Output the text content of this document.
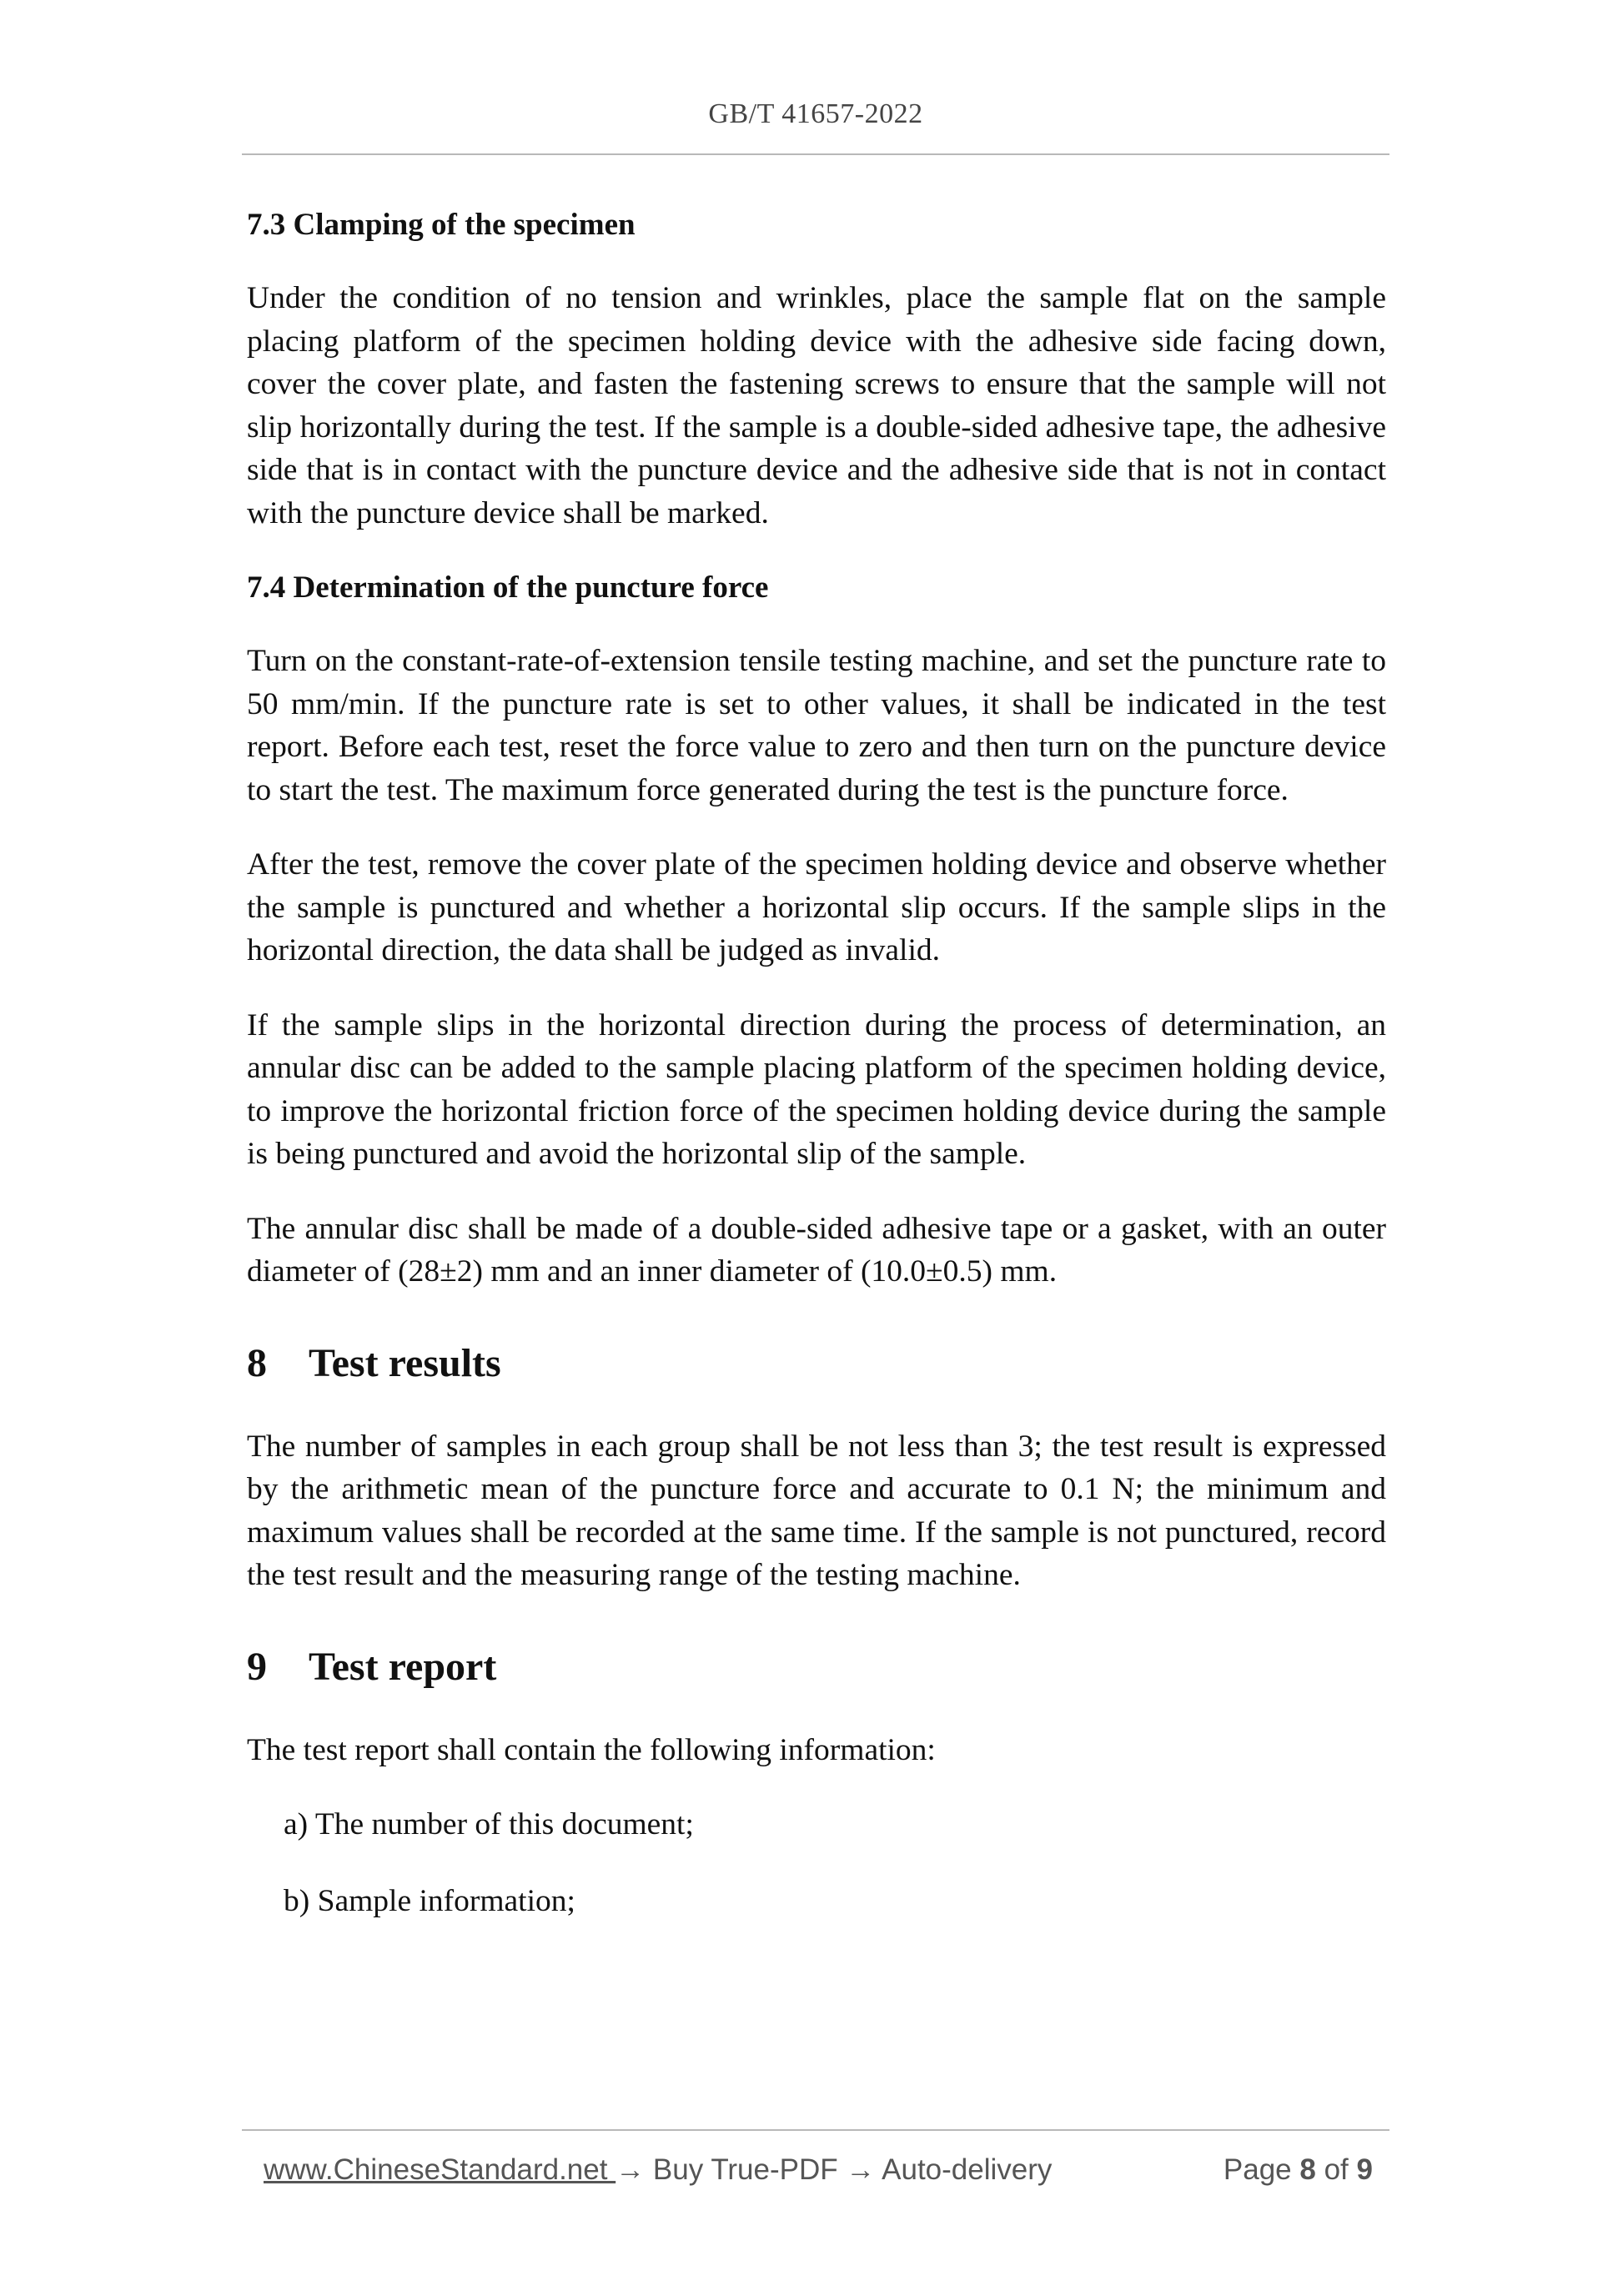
GB/T 41657-2022
7.3 Clamping of the specimen

Under the condition of no tension and wrinkles, place the sample flat on the sample placing platform of the specimen holding device with the adhesive side facing down, cover the cover plate, and fasten the fastening screws to ensure that the sample will not slip horizontally during the test. If the sample is a double-sided adhesive tape, the adhesive side that is in contact with the puncture device and the adhesive side that is not in contact with the puncture device shall be marked.

7.4 Determination of the puncture force

Turn on the constant-rate-of-extension tensile testing machine, and set the puncture rate to 50 mm/min. If the puncture rate is set to other values, it shall be indicated in the test report. Before each test, reset the force value to zero and then turn on the puncture device to start the test. The maximum force generated during the test is the puncture force.

After the test, remove the cover plate of the specimen holding device and observe whether the sample is punctured and whether a horizontal slip occurs. If the sample slips in the horizontal direction, the data shall be judged as invalid.

If the sample slips in the horizontal direction during the process of determination, an annular disc can be added to the sample placing platform of the specimen holding device, to improve the horizontal friction force of the specimen holding device during the sample is being punctured and avoid the horizontal slip of the sample.

The annular disc shall be made of a double-sided adhesive tape or a gasket, with an outer diameter of (28±2) mm and an inner diameter of (10.0±0.5) mm.

8	Test results

The number of samples in each group shall be not less than 3; the test result is expressed by the arithmetic mean of the puncture force and accurate to 0.1 N; the minimum and maximum values shall be recorded at the same time. If the sample is not punctured, record the test result and the measuring range of the testing machine.

9	Test report

The test report shall contain the following information:

a) The number of this document;
b) Sample information;
www.ChineseStandard.net → Buy True-PDF → Auto-delivery	Page 8 of 9
